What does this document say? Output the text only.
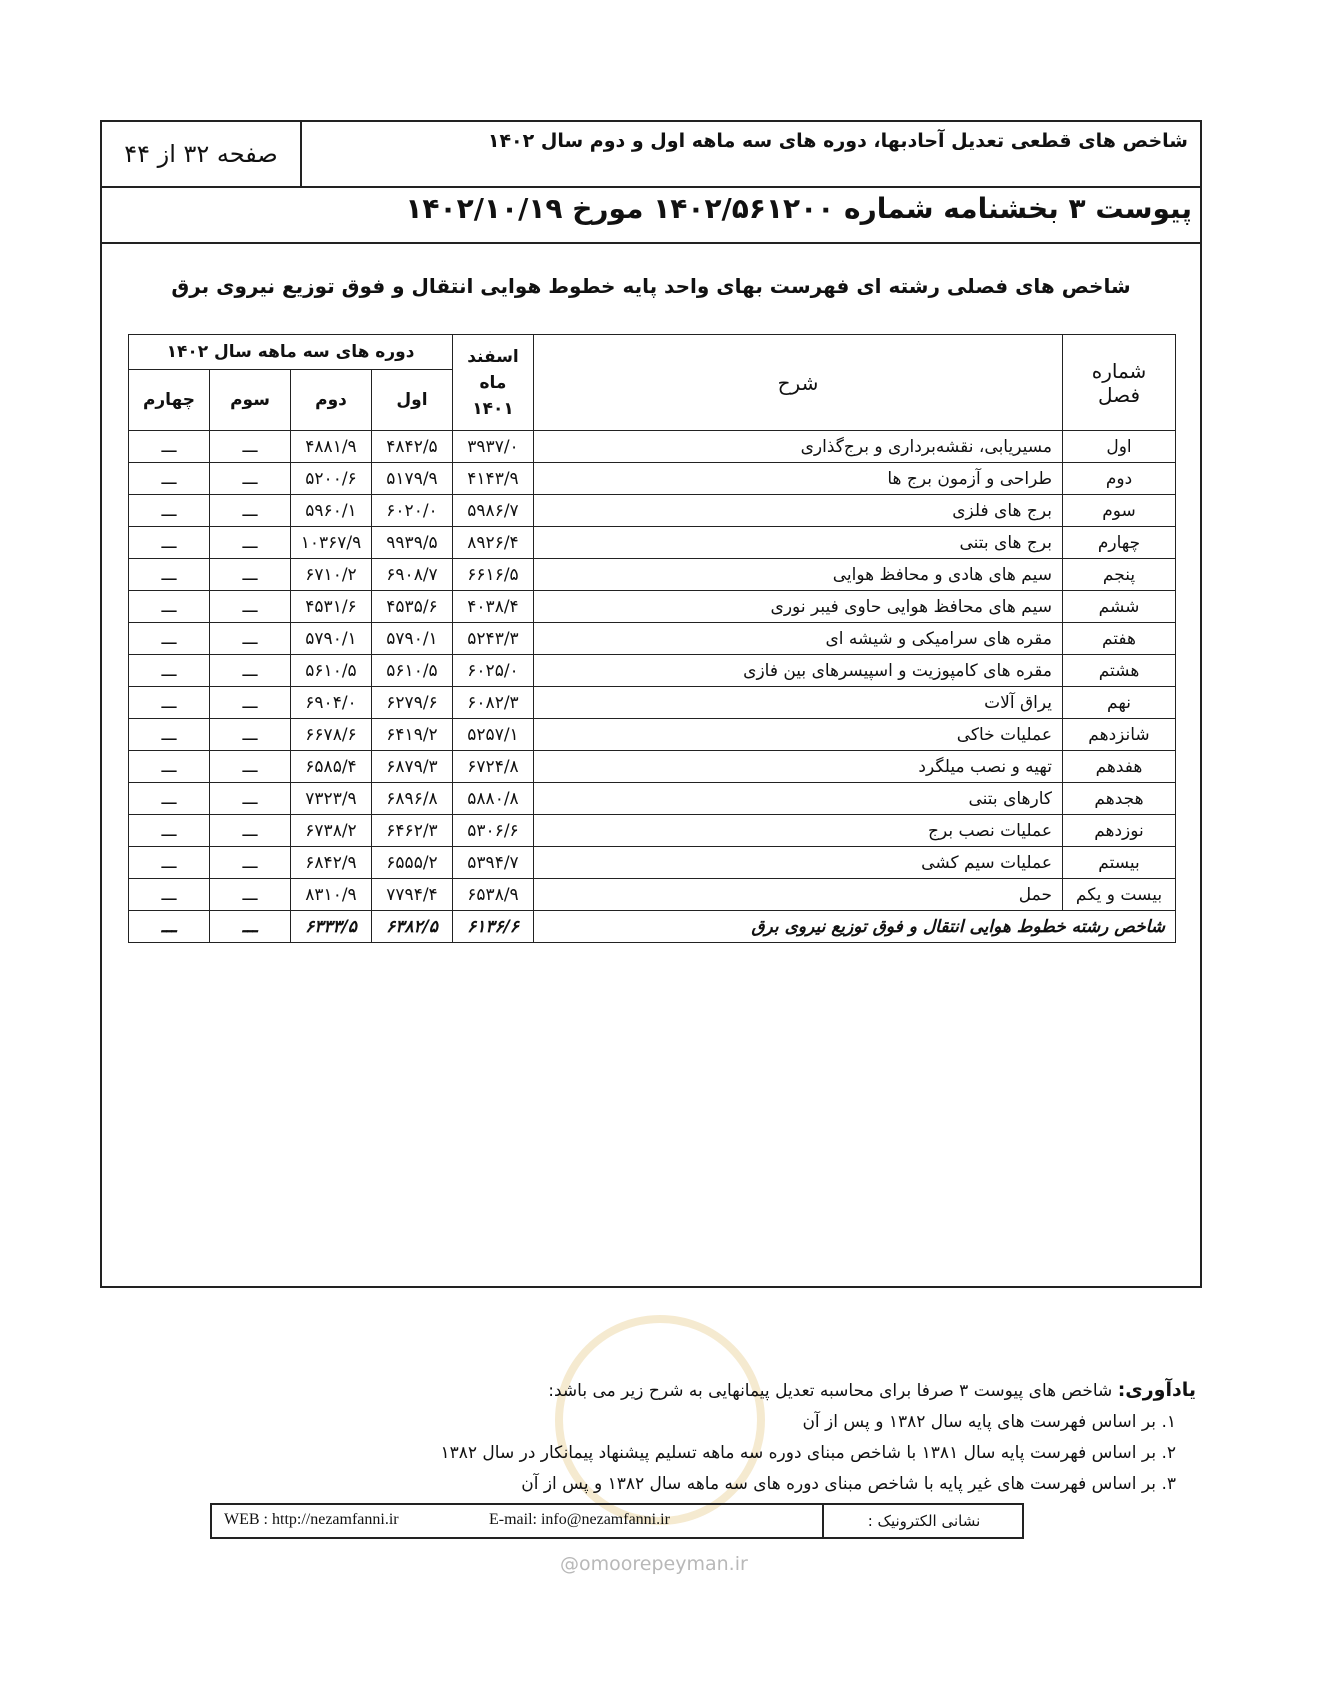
صفحه ۳۲ از ۴۴	شاخص های قطعی تعدیل آحادبها، دوره های سه ماهه اول و دوم سال ۱۴۰۲
پیوست ۳ بخشنامه شماره ۱۴۰۲/۵۶۱۲۰۰ مورخ ۱۴۰۲/۱۰/۱۹
شاخص های فصلی رشته ای فهرست بهای واحد پایه خطوط هوایی انتقال و فوق توزیع نیروی برق
شماره فصل	شرح	اسفند ماه ۱۴۰۱	دوره های سه ماهه سال ۱۴۰۲			
			اول	دوم	سوم	چهارم
اول	مسیریابی، نقشه‌برداری و برج‌گذاری	۳۹۳۷/۰	۴۸۴۲/۵	۴۸۸۱/۹	ـــ	ـــ
دوم	طراحی و آزمون برج ها	۴۱۴۳/۹	۵۱۷۹/۹	۵۲۰۰/۶	ـــ	ـــ
سوم	برج های فلزی	۵۹۸۶/۷	۶۰۲۰/۰	۵۹۶۰/۱	ـــ	ـــ
چهارم	برج های بتنی	۸۹۲۶/۴	۹۹۳۹/۵	۱۰۳۶۷/۹	ـــ	ـــ
پنجم	سیم های هادی و محافظ هوایی	۶۶۱۶/۵	۶۹۰۸/۷	۶۷۱۰/۲	ـــ	ـــ
ششم	سیم های محافظ هوایی حاوی فیبر نوری	۴۰۳۸/۴	۴۵۳۵/۶	۴۵۳۱/۶	ـــ	ـــ
هفتم	مقره های سرامیکی و شیشه ای	۵۲۴۳/۳	۵۷۹۰/۱	۵۷۹۰/۱	ـــ	ـــ
هشتم	مقره های کامپوزیت و اسپیسرهای بین فازی	۶۰۲۵/۰	۵۶۱۰/۵	۵۶۱۰/۵	ـــ	ـــ
نهم	یراق آلات	۶۰۸۲/۳	۶۲۷۹/۶	۶۹۰۴/۰	ـــ	ـــ
شانزدهم	عملیات خاکی	۵۲۵۷/۱	۶۴۱۹/۲	۶۶۷۸/۶	ـــ	ـــ
هفدهم	تهیه و نصب میلگرد	۶۷۲۴/۸	۶۸۷۹/۳	۶۵۸۵/۴	ـــ	ـــ
هجدهم	کارهای بتنی	۵۸۸۰/۸	۶۸۹۶/۸	۷۳۲۳/۹	ـــ	ـــ
نوزدهم	عملیات نصب برج	۵۳۰۶/۶	۶۴۶۲/۳	۶۷۳۸/۲	ـــ	ـــ
بیستم	عملیات سیم کشی	۵۳۹۴/۷	۶۵۵۵/۲	۶۸۴۲/۹	ـــ	ـــ
بیست و یکم	حمل	۶۵۳۸/۹	۷۷۹۴/۴	۸۳۱۰/۹	ـــ	ـــ
شاخص رشته خطوط هوایی انتقال و فوق توزیع نیروی برق		۶۱۳۶/۶	۶۳۸۲/۵	۶۳۳۳/۵	ـــ	ـــ
یادآوری: شاخص های پیوست ۳ صرفا برای محاسبه تعدیل پیمانهایی به شرح زیر می باشد:
۱. بر اساس فهرست های پایه سال ۱۳۸۲ و پس از آن
۲. بر اساس فهرست پایه سال ۱۳۸۱ با شاخص مبنای دوره سه ماهه تسلیم پیشنهاد پیمانکار در سال ۱۳۸۲
۳. بر اساس فهرست های غیر پایه با شاخص مبنای دوره های سه ماهه سال ۱۳۸۲ و پس از آن
WEB : http://nezamfanni.ir	E-mail: info@nezamfanni.ir	نشانی الکترونیک :
@omoorepeyman.ir
